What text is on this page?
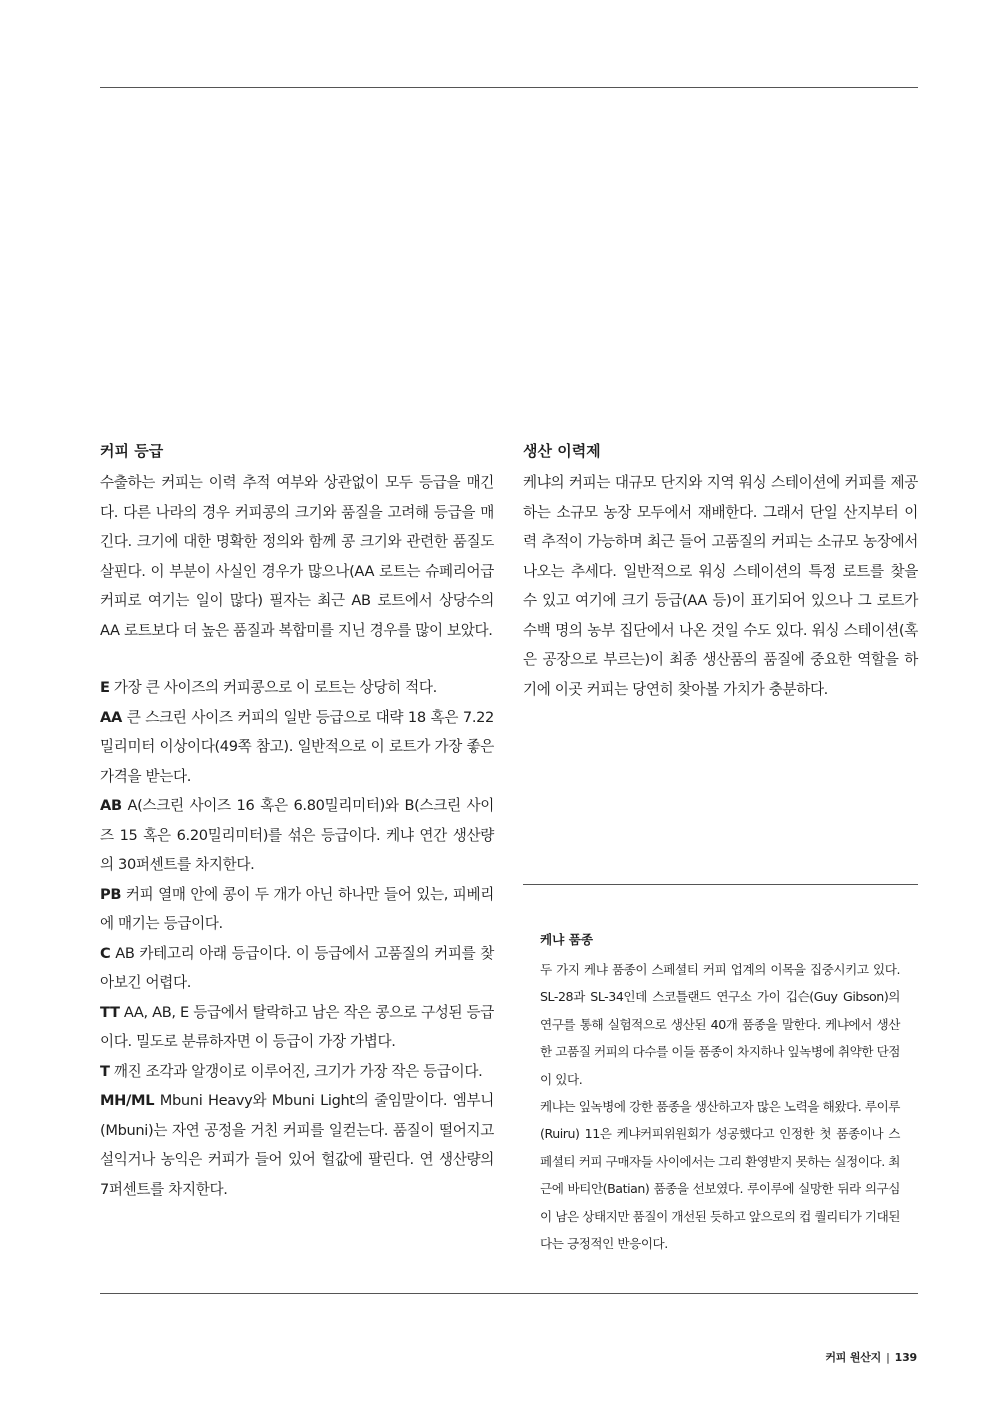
커피 등급

수출하는 커피는 이력 추적 여부와 상관없이 모두 등급을 매긴다. 다른 나라의 경우 커피콩의 크기와 품질을 고려해 등급을 매긴다. 크기에 대한 명확한 정의와 함께 콩 크기와 관련한 품질도 살핀다. 이 부분이 사실인 경우가 많으나(AA 로트는 슈페리어급 커피로 여기는 일이 많다) 필자는 최근 AB 로트에서 상당수의 AA 로트보다 더 높은 품질과 복합미를 지닌 경우를 많이 보았다.

E 가장 큰 사이즈의 커피콩으로 이 로트는 상당히 적다.

AA 큰 스크린 사이즈 커피의 일반 등급으로 대략 18 혹은 7.22밀리미터 이상이다(49쪽 참고). 일반적으로 이 로트가 가장 좋은 가격을 받는다.

AB A(스크린 사이즈 16 혹은 6.80밀리미터)와 B(스크린 사이즈 15 혹은 6.20밀리미터)를 섞은 등급이다. 케냐 연간 생산량의 30퍼센트를 차지한다.

PB 커피 열매 안에 콩이 두 개가 아닌 하나만 들어 있는, 피베리에 매기는 등급이다.

C AB 카테고리 아래 등급이다. 이 등급에서 고품질의 커피를 찾아보긴 어렵다.

TT AA, AB, E 등급에서 탈락하고 남은 작은 콩으로 구성된 등급이다. 밀도로 분류하자면 이 등급이 가장 가볍다.

T 깨진 조각과 알갱이로 이루어진, 크기가 가장 작은 등급이다.

MH/ML Mbuni Heavy와 Mbuni Light의 줄임말이다. 엠부니(Mbuni)는 자연 공정을 거친 커피를 일컫는다. 품질이 떨어지고 설익거나 농익은 커피가 들어 있어 헐값에 팔린다. 연 생산량의 7퍼센트를 차지한다.

생산 이력제

케냐의 커피는 대규모 단지와 지역 워싱 스테이션에 커피를 제공하는 소규모 농장 모두에서 재배한다. 그래서 단일 산지부터 이력 추적이 가능하며 최근 들어 고품질의 커피는 소규모 농장에서 나오는 추세다. 일반적으로 워싱 스테이션의 특정 로트를 찾을 수 있고 여기에 크기 등급(AA 등)이 표기되어 있으나 그 로트가 수백 명의 농부 집단에서 나온 것일 수도 있다. 워싱 스테이션(혹은 공장으로 부르는)이 최종 생산품의 품질에 중요한 역할을 하기에 이곳 커피는 당연히 찾아볼 가치가 충분하다.

케냐 품종

두 가지 케냐 품종이 스페셜티 커피 업계의 이목을 집중시키고 있다. SL-28과 SL-34인데 스코틀랜드 연구소 가이 깁슨(Guy Gibson)의 연구를 통해 실험적으로 생산된 40개 품종을 말한다. 케냐에서 생산한 고품질 커피의 다수를 이들 품종이 차지하나 잎녹병에 취약한 단점이 있다.

케냐는 잎녹병에 강한 품종을 생산하고자 많은 노력을 해왔다. 루이루(Ruiru) 11은 케냐커피위원회가 성공했다고 인정한 첫 품종이나 스페셜티 커피 구매자들 사이에서는 그리 환영받지 못하는 실정이다. 최근에 바티안(Batian) 품종을 선보였다. 루이루에 실망한 뒤라 의구심이 남은 상태지만 품질이 개선된 듯하고 앞으로의 컵 퀄리티가 기대된다는 긍정적인 반응이다.

커피 원산지 | 139
